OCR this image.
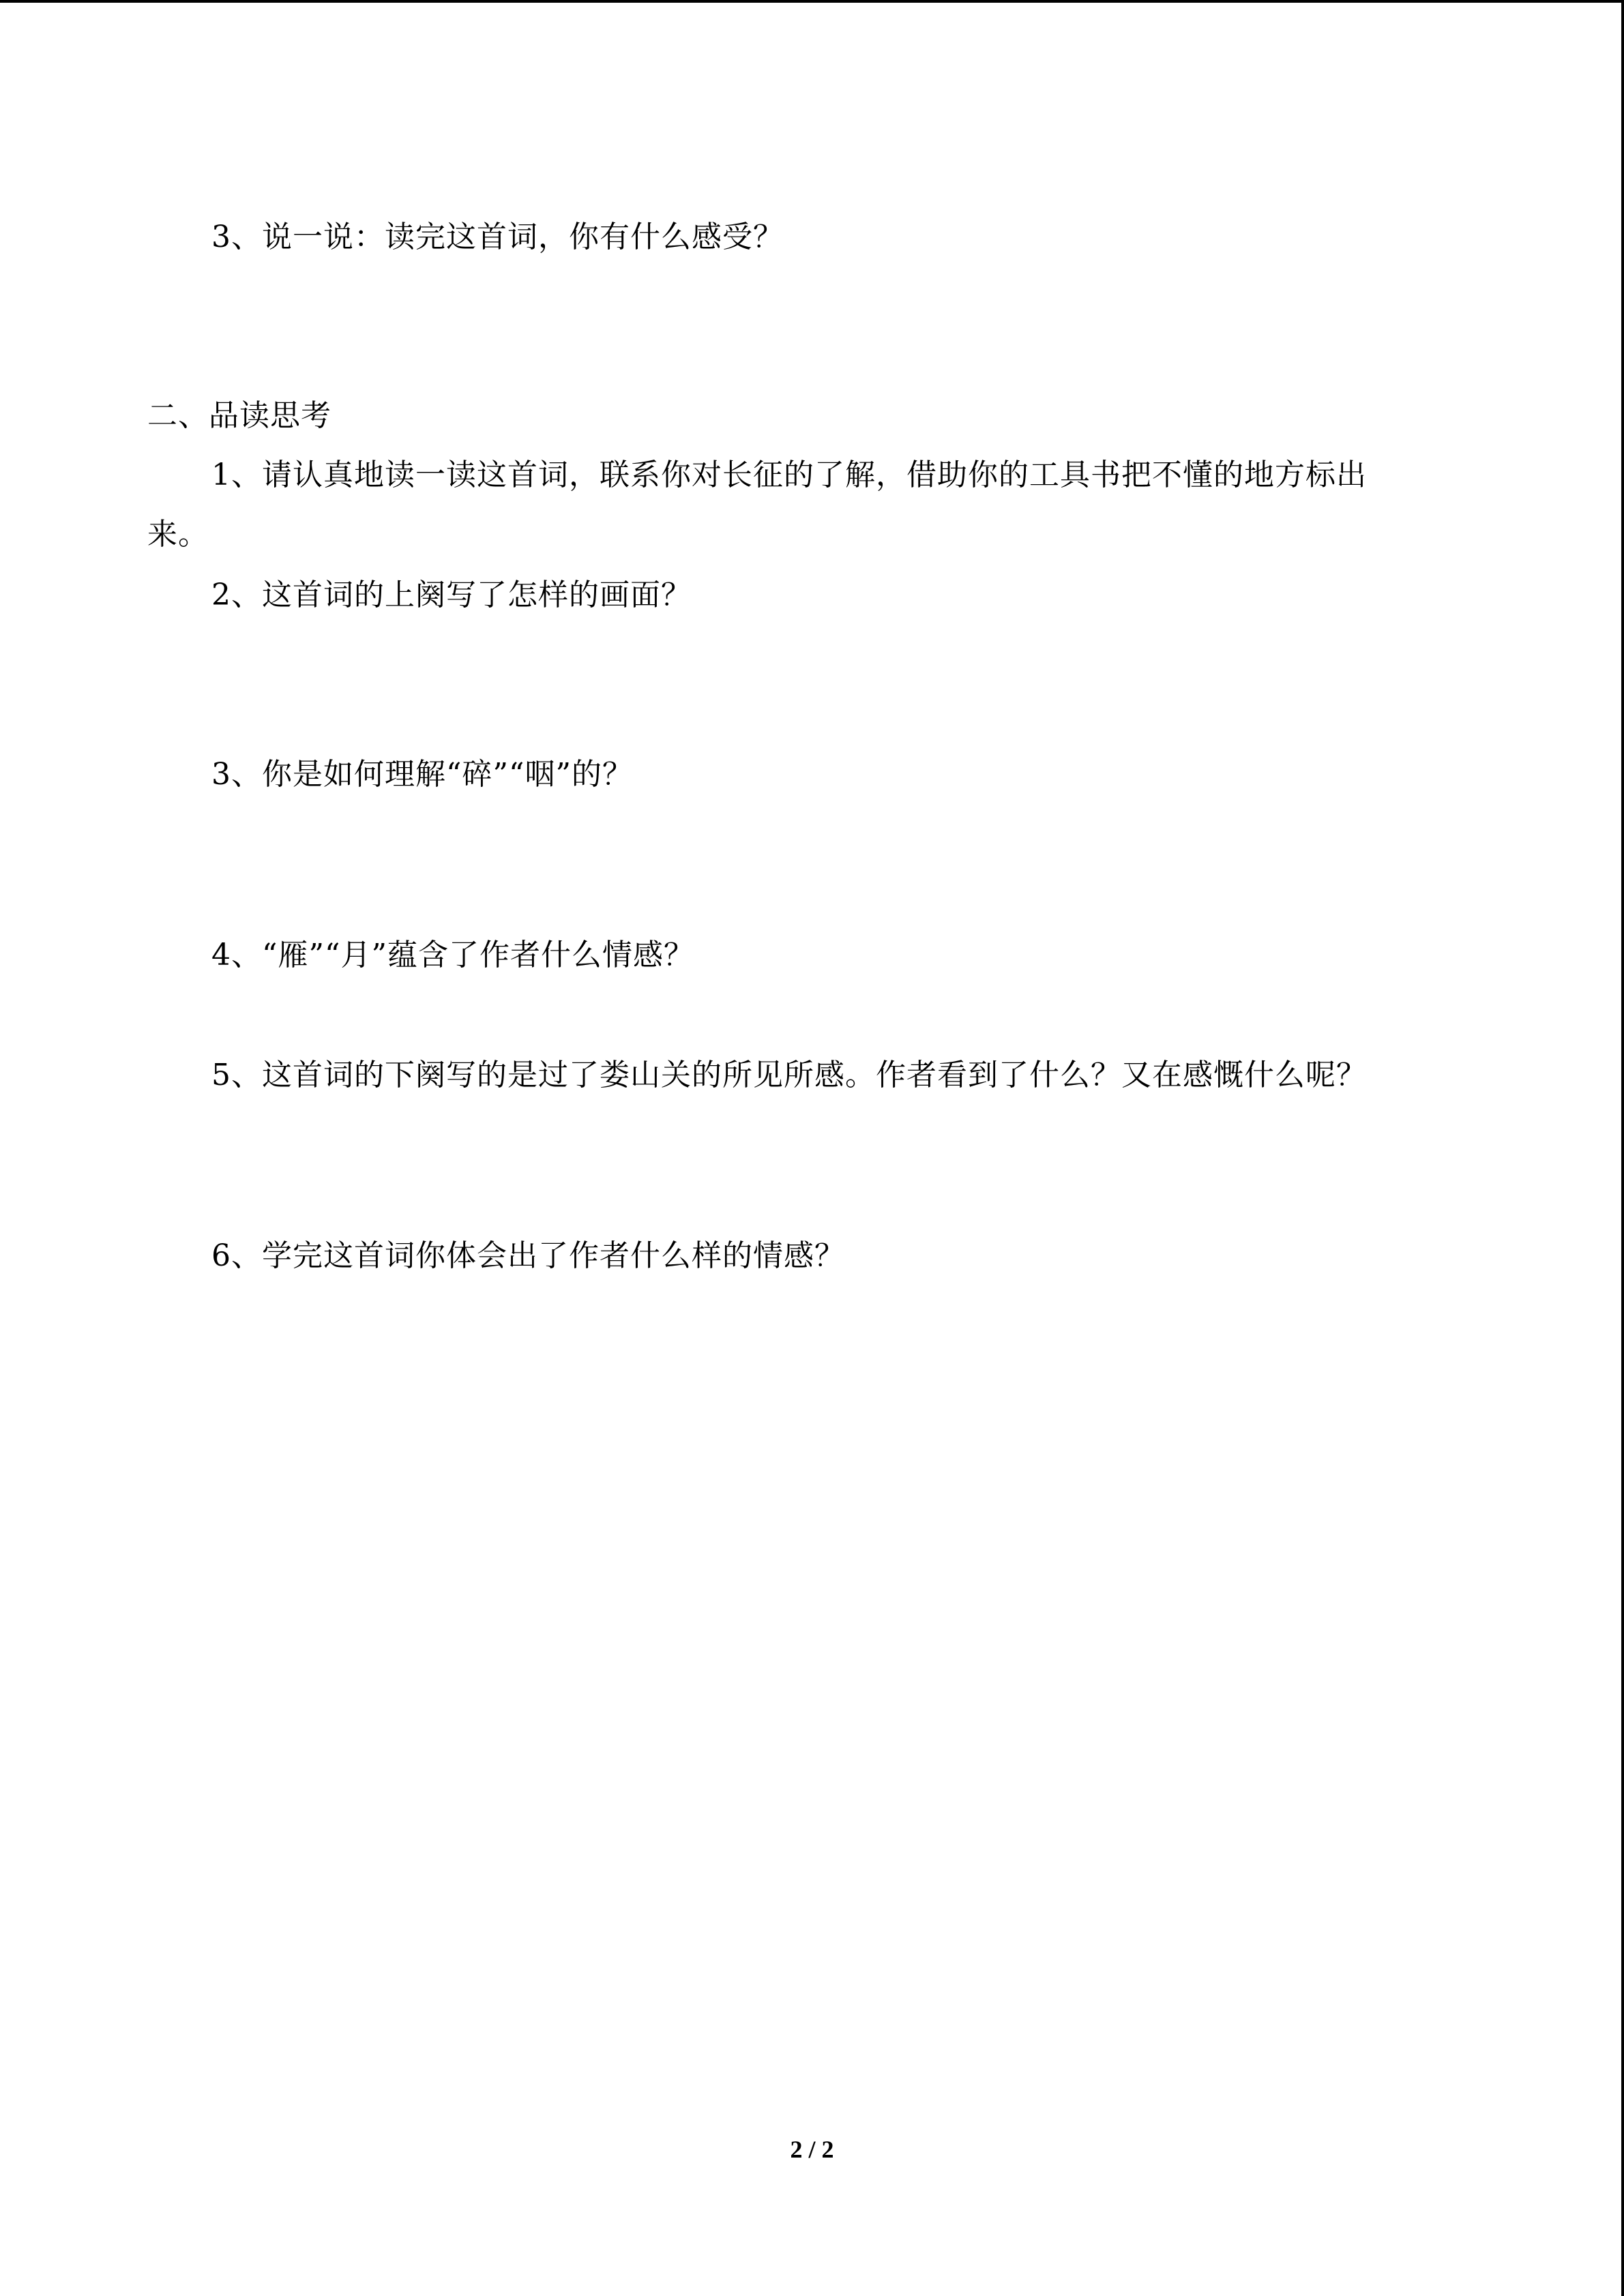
3、说一说：读完这首词，你有什么感受？
二、品读思考
1、请认真地读一读这首词，联系你对长征的了解，借助你的工具书把不懂的地方标出
来。
2、这首词的上阕写了怎样的画面？
3、你是如何理解“碎”“咽”的？
4、“雁”“月”蕴含了作者什么情感？
5、这首词的下阕写的是过了娄山关的所见所感。作者看到了什么？又在感慨什么呢？
6、学完这首词你体会出了作者什么样的情感？
2 / 2
